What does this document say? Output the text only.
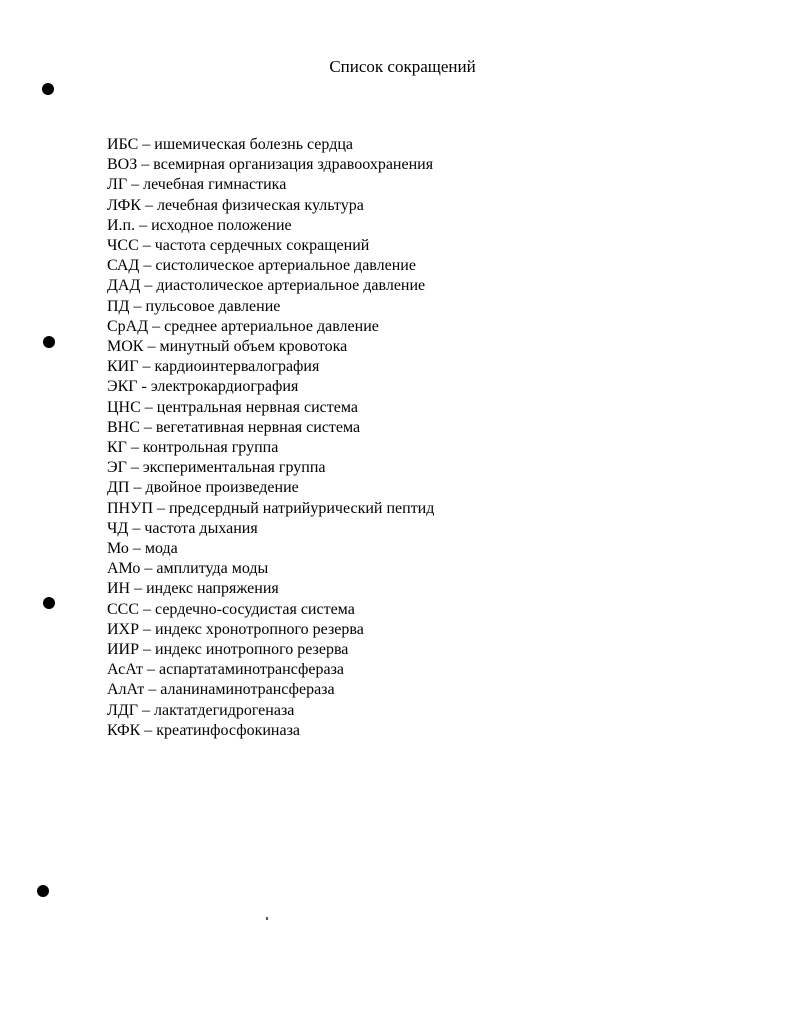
Список сокращений
ИБС – ишемическая болезнь сердца
ВОЗ – всемирная организация здравоохранения
ЛГ – лечебная гимнастика
ЛФК – лечебная физическая культура
И.п. – исходное положение
ЧСС – частота сердечных сокращений
САД – систолическое артериальное давление
ДАД – диастолическое артериальное давление
ПД – пульсовое давление
СрАД – среднее артериальное давление
МОК – минутный объем кровотока
КИГ – кардиоинтервалография
ЭКГ - электрокардиография
ЦНС – центральная нервная система
ВНС – вегетативная нервная система
КГ – контрольная группа
ЭГ – экспериментальная группа
ДП – двойное произведение
ПНУП – предсердный натрийурический пептид
ЧД – частота дыхания
Мо – мода
АМо – амплитуда моды
ИН – индекс напряжения
ССС – сердечно-сосудистая система
ИХР – индекс хронотропного резерва
ИИР – индекс инотропного резерва
АсАт – аспартатаминотрансфераза
АлАт – аланинаминотрансфераза
ЛДГ – лактатдегидрогеназа
КФК – креатинфосфокиназа
